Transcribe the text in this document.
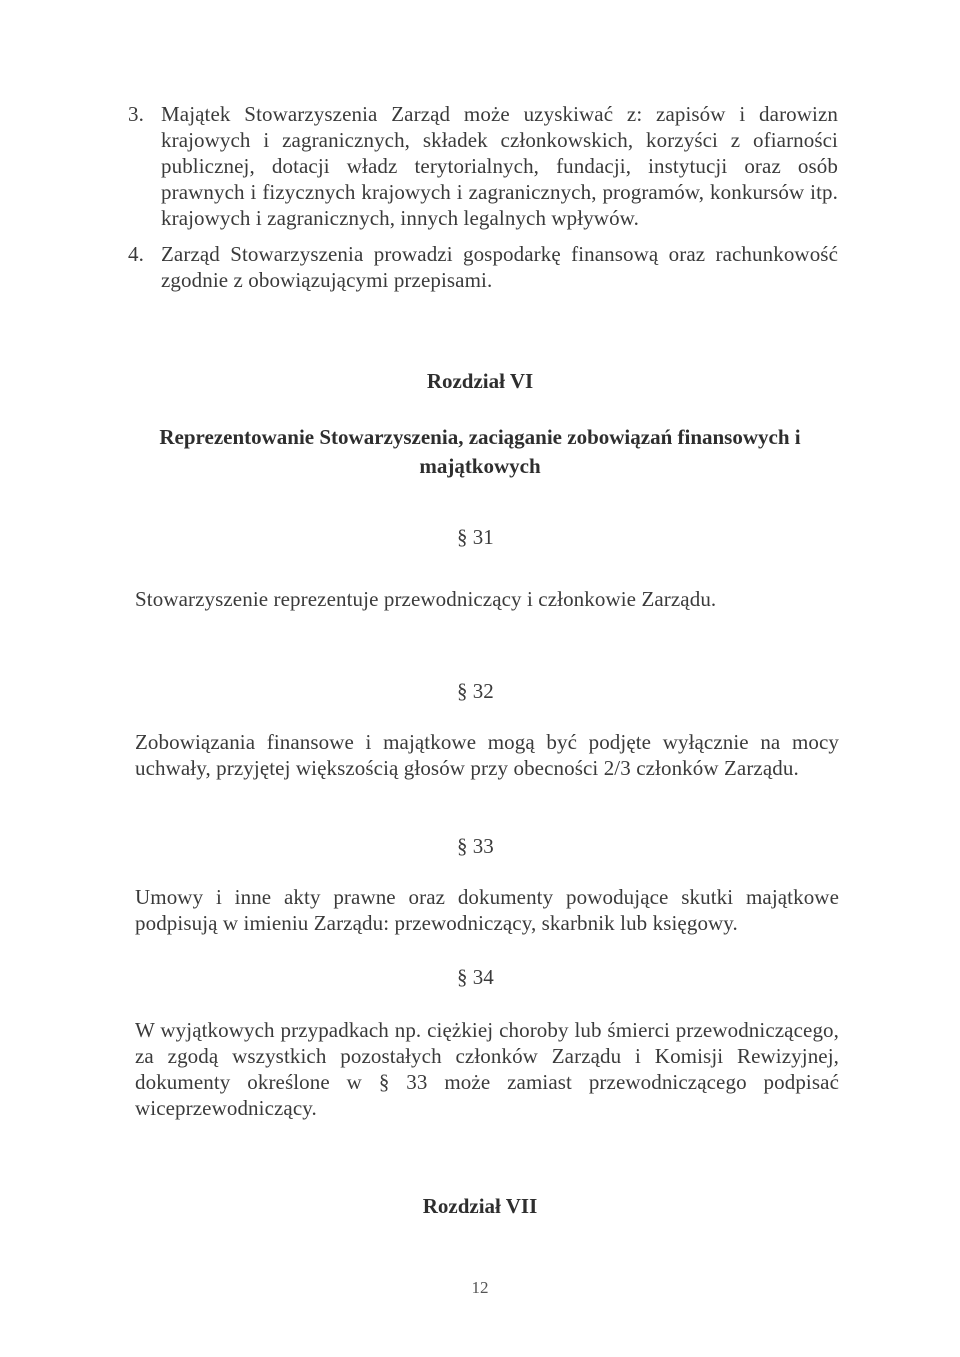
3. Majątek Stowarzyszenia Zarząd może uzyskiwać z: zapisów i darowizn krajowych i zagranicznych, składek członkowskich, korzyści z ofiarności publicznej, dotacji władz terytorialnych, fundacji, instytucji oraz osób prawnych i fizycznych krajowych i zagranicznych, programów, konkursów itp. krajowych i zagranicznych, innych legalnych wpływów.
4. Zarząd Stowarzyszenia prowadzi gospodarkę finansową oraz rachunkowość zgodnie z obowiązującymi przepisami.
Rozdział VI
Reprezentowanie Stowarzyszenia, zaciąganie zobowiązań finansowych i majątkowych
§ 31
Stowarzyszenie reprezentuje przewodniczący i członkowie Zarządu.
§ 32
Zobowiązania finansowe i majątkowe mogą być podjęte wyłącznie na mocy uchwały, przyjętej większością głosów przy obecności 2/3 członków Zarządu.
§ 33
Umowy i inne akty prawne oraz dokumenty powodujące skutki majątkowe podpisują w imieniu Zarządu: przewodniczący, skarbnik lub księgowy.
§ 34
W wyjątkowych przypadkach np. ciężkiej choroby lub śmierci przewodniczącego, za zgodą wszystkich pozostałych członków Zarządu i Komisji Rewizyjnej, dokumenty określone w § 33 może zamiast przewodniczącego podpisać wiceprzewodniczący.
Rozdział VII
12
